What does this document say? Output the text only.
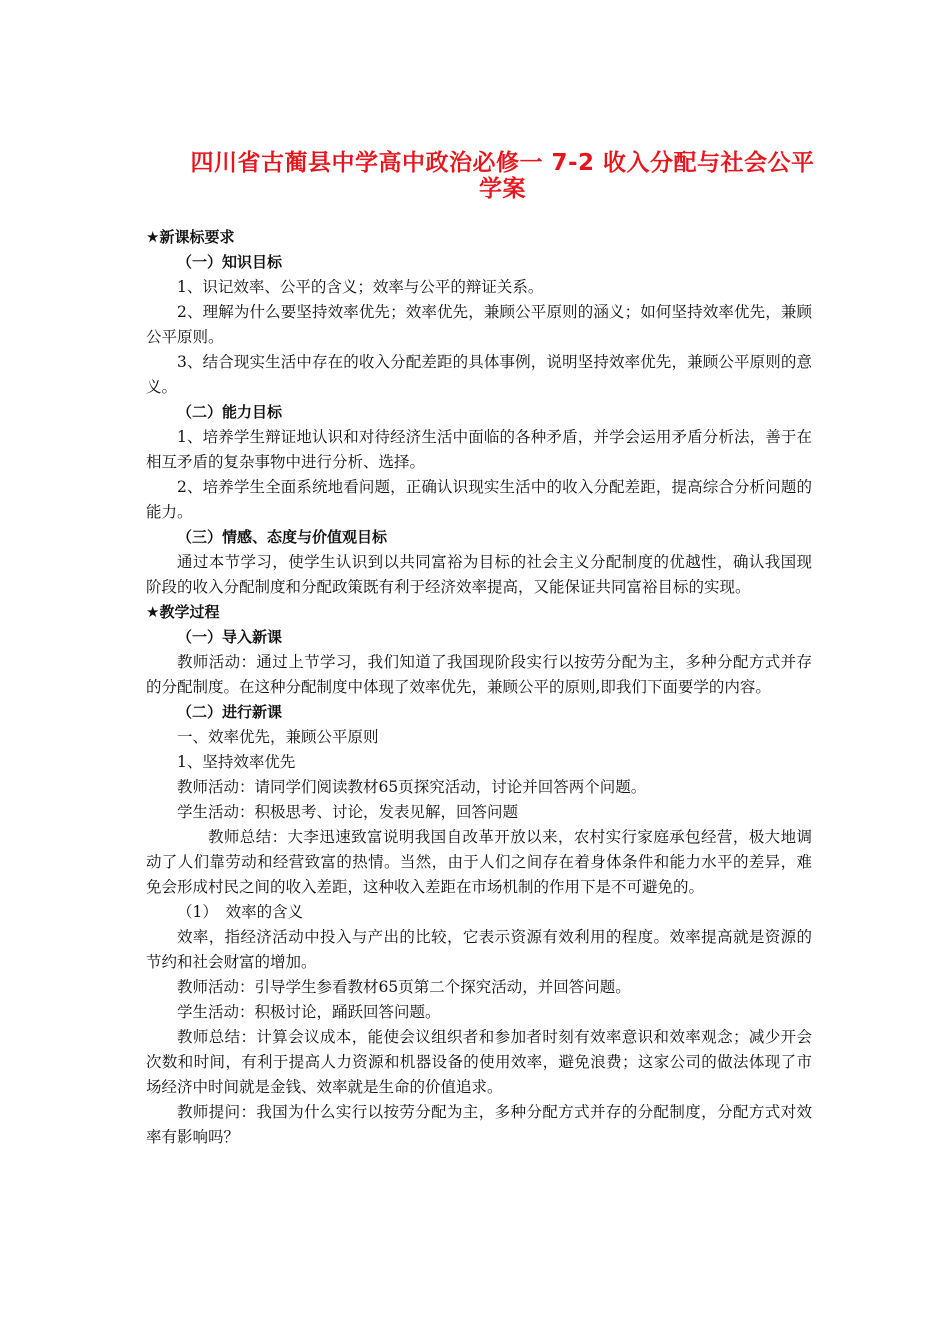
四川省古蔺县中学高中政治必修一 7-2 收入分配与社会公平
学案

★新课标要求

（一）知识目标

1、识记效率、公平的含义；效率与公平的辩证关系。

2、理解为什么要坚持效率优先；效率优先，兼顾公平原则的涵义；如何坚持效率优先，兼顾公平原则。

3、结合现实生活中存在的收入分配差距的具体事例，说明坚持效率优先，兼顾公平原则的意义。

（二）能力目标

1、培养学生辩证地认识和对待经济生活中面临的各种矛盾，并学会运用矛盾分析法，善于在相互矛盾的复杂事物中进行分析、选择。

2、培养学生全面系统地看问题，正确认识现实生活中的收入分配差距，提高综合分析问题的能力。

（三）情感、态度与价值观目标

通过本节学习，使学生认识到以共同富裕为目标的社会主义分配制度的优越性，确认我国现阶段的收入分配制度和分配政策既有利于经济效率提高，又能保证共同富裕目标的实现。

★教学过程

（一）导入新课

教师活动：通过上节学习，我们知道了我国现阶段实行以按劳分配为主，多种分配方式并存的分配制度。在这种分配制度中体现了效率优先，兼顾公平的原则,即我们下面要学的内容。

（二）进行新课

一、效率优先，兼顾公平原则

1、坚持效率优先

教师活动：请同学们阅读教材65页探究活动，讨论并回答两个问题。

学生活动：积极思考、讨论，发表见解，回答问题

教师总结：大李迅速致富说明我国自改革开放以来，农村实行家庭承包经营，极大地调动了人们靠劳动和经营致富的热情。当然，由于人们之间存在着身体条件和能力水平的差异，难免会形成村民之间的收入差距，这种收入差距在市场机制的作用下是不可避免的。

（1）　效率的含义

效率，指经济活动中投入与产出的比较，它表示资源有效利用的程度。效率提高就是资源的节约和社会财富的增加。

教师活动：引导学生参看教材65页第二个探究活动，并回答问题。

学生活动：积极讨论，踊跃回答问题。

教师总结：计算会议成本，能使会议组织者和参加者时刻有效率意识和效率观念；减少开会次数和时间，有利于提高人力资源和机器设备的使用效率，避免浪费；这家公司的做法体现了市场经济中时间就是金钱、效率就是生命的价值追求。

教师提问：我国为什么实行以按劳分配为主，多种分配方式并存的分配制度，分配方式对效率有影响吗？
